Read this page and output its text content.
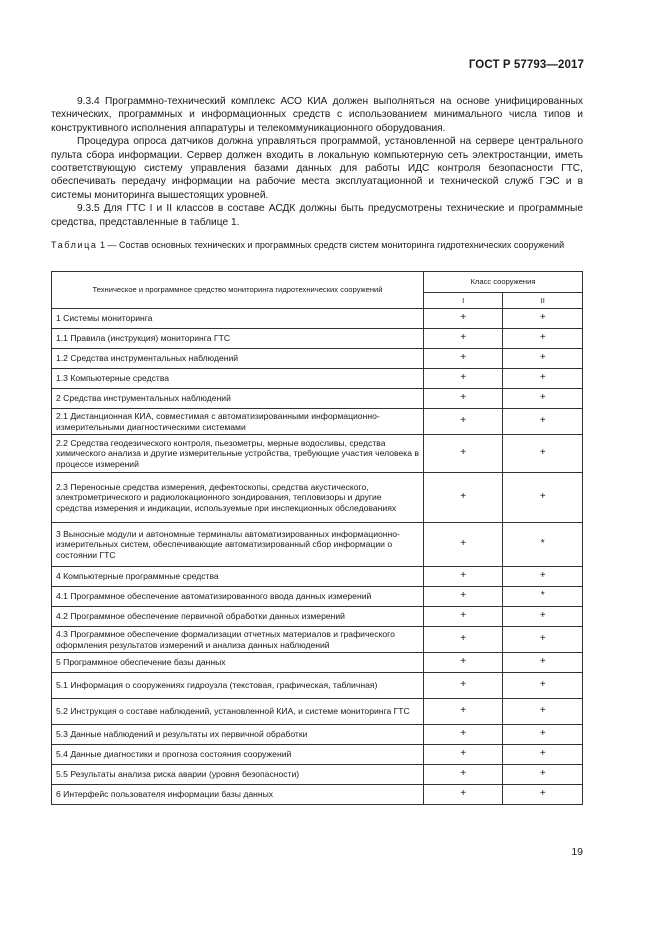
ГОСТ Р 57793—2017

9.3.4 Программно-технический комплекс АСО КИА должен выполняться на основе унифицированных технических, программных и информационных средств с использованием минимального числа типов и конструктивного исполнения аппаратуры и телекоммуникационного оборудования.

Процедура опроса датчиков должна управляться программой, установленной на сервере центрального пульта сбора информации. Сервер должен входить в локальную компьютерную сеть электростанции, иметь соответствующую систему управления базами данных для работы ИДС контроля безопасности ГТС, обеспечивать передачу информации на рабочие места эксплуатационной и технической служб ГЭС и в системы мониторинга вышестоящих уровней.

9.3.5 Для ГТС I и II классов в составе АСДК должны быть предусмотрены технические и программные средства, представленные в таблице 1.

Таблица 1 — Состав основных технических и программных средств систем мониторинга гидротехнических сооружений
Техническое и программное средство мониторинга гидротехнических сооружений	Класс сооружения	
	I	II
1 Системы мониторинга	+	+
1.1 Правила (инструкция) мониторинга ГТС	+	+
1.2 Средства инструментальных наблюдений	+	+
1.3 Компьютерные средства	+	+
2 Средства инструментальных наблюдений	+	+
2.1 Дистанционная КИА, совместимая с автоматизированными информационно-измерительными диагностическими системами	+	+
2.2 Средства геодезического контроля, пьезометры, мерные водосливы, средства химического анализа и другие измерительные устройства, требующие участия человека в процессе измерений	+	+
2.3 Переносные средства измерения, дефектоскопы, средства акустического, электрометрического и радиолокационного зондирования, тепловизоры и другие средства измерения и индикации, используемые при инспекционных обследованиях	+	+
3 Выносные модули и автономные терминалы автоматизированных информационно-измерительных систем, обеспечивающие автоматизированный сбор информации о состоянии ГТС	+	*
4 Компьютерные программные средства	+	+
4.1 Программное обеспечение автоматизированного ввода данных измерений	+	*
4.2 Программное обеспечение первичной обработки данных измерений	+	+
4.3 Программное обеспечение формализации отчетных материалов и графического оформления результатов измерений и анализа данных наблюдений	+	+
5 Программное обеспечение базы данных	+	+
5.1 Информация о сооружениях гидроузла (текстовая, графическая, табличная)	+	+
5.2 Инструкция о составе наблюдений, установленной КИА, и системе мониторинга ГТС	+	+
5.3 Данные наблюдений и результаты их первичной обработки	+	+
5.4 Данные диагностики и прогноза состояния сооружений	+	+
5.5 Результаты анализа риска аварии (уровня безопасности)	+	+
6 Интерфейс пользователя информации базы данных	+	+
19
